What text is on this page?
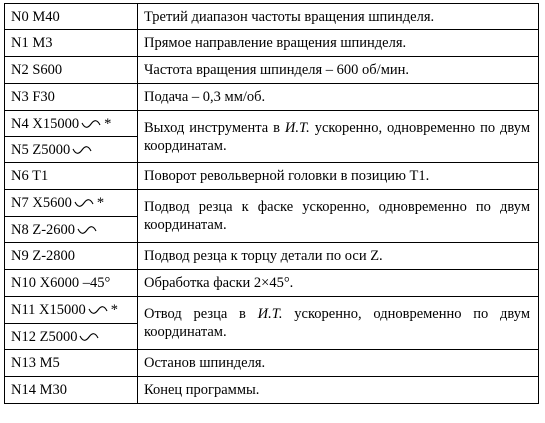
N0 M40	Третий диапазон частоты вращения шпинделя.
N1 M3	Прямое направление вращения шпинделя.
N2 S600	Частота вращения шпинделя – 600 об/мин.
N3 F30	Подача – 0,3 мм/об.
N4 X15000 *	Выход инструмента в И.Т. ускоренно, одновременно по двум координатам.
N5 Z5000	
N6 T1	Поворот револьверной головки в позицию T1.
N7 X5600 *	Подвод резца к фаске ускоренно, одновременно по двум координатам.
N8 Z-2600	
N9 Z-2800	Подвод резца к торцу детали по оси Z.
N10 X6000 –45°	Обработка фаски 2×45°.
N11 X15000 *	Отвод резца в И.Т. ускоренно, одновременно по двум координатам.
N12 Z5000	
N13 M5	Останов шпинделя.
N14 M30	Конец программы.
